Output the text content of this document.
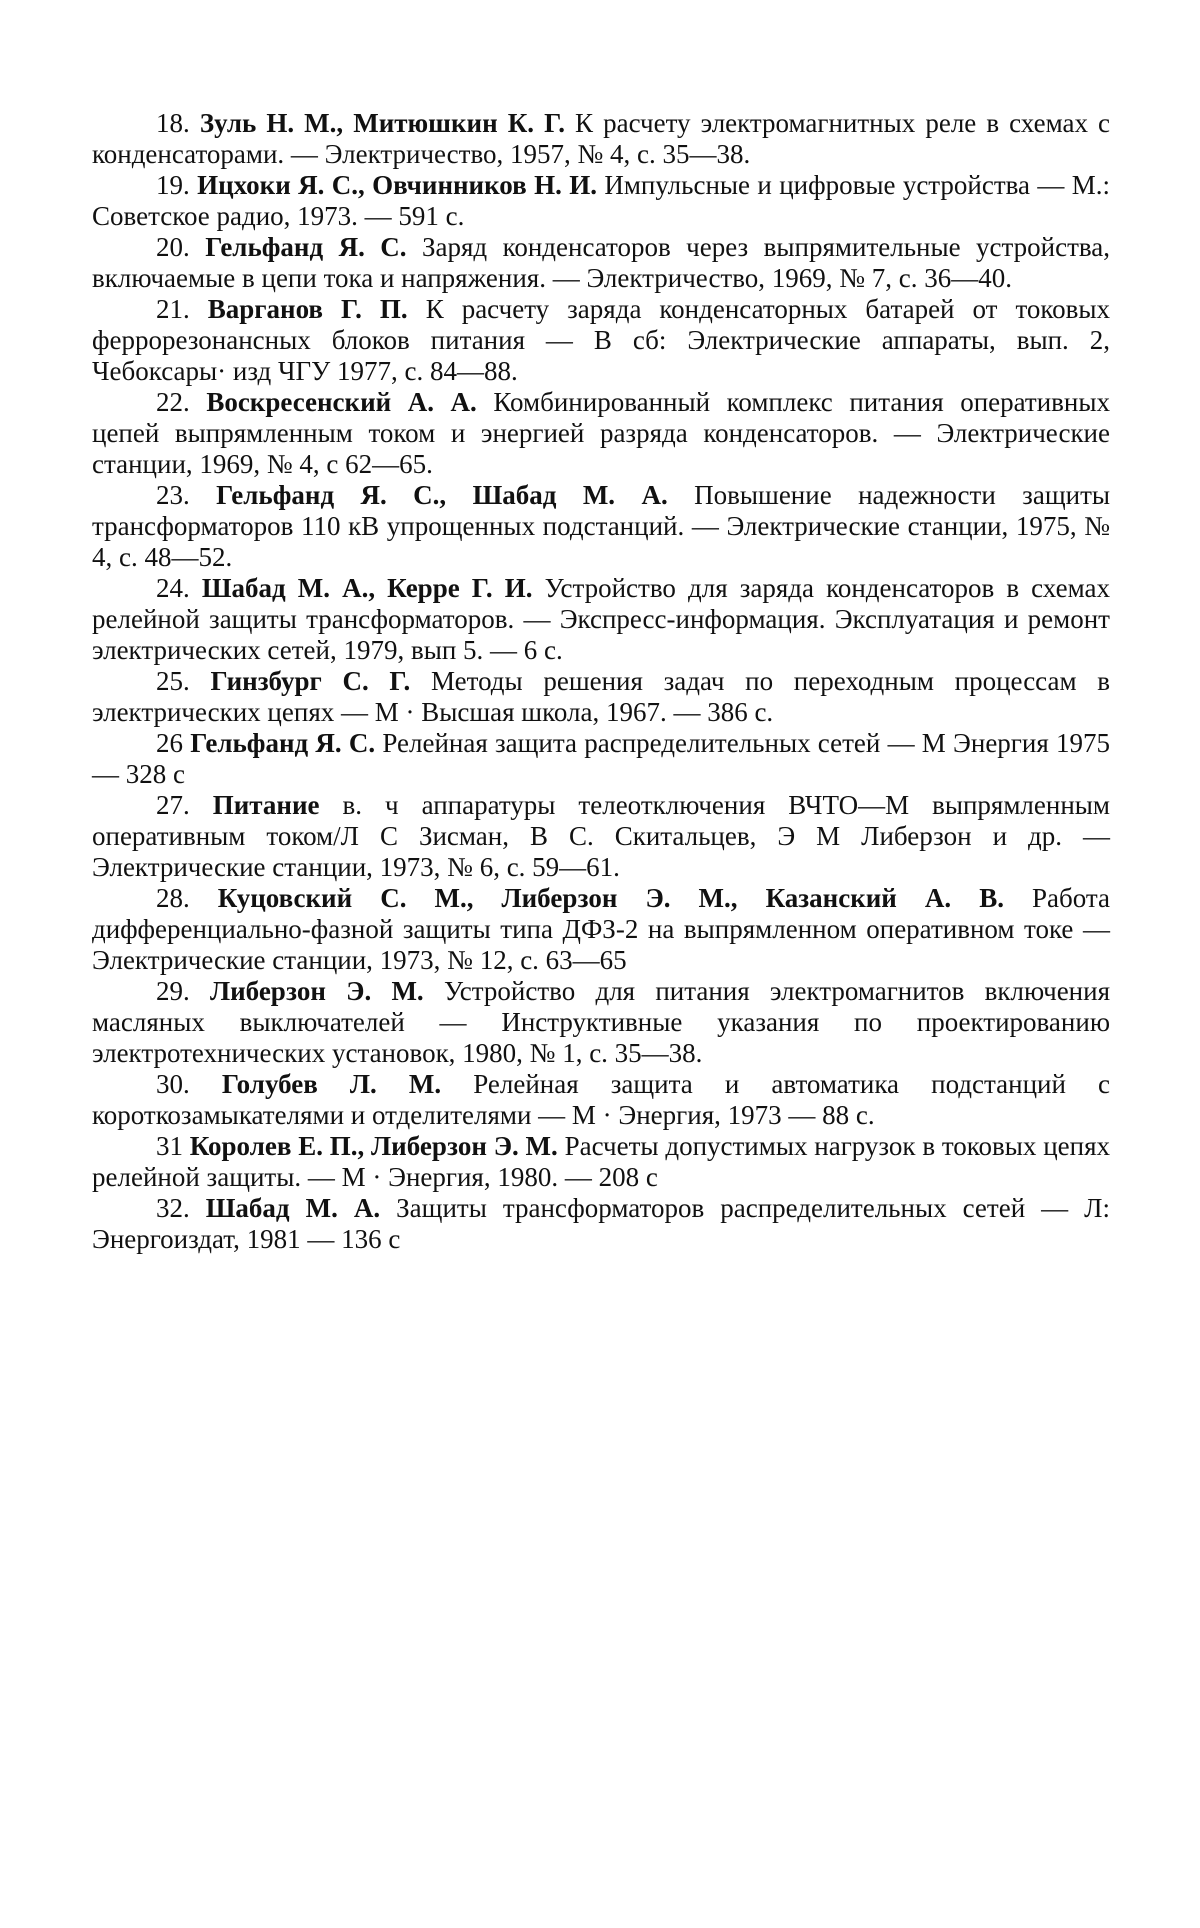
18. Зуль Н. М., Митюшкин К. Г. К расчету электромагнитных реле в схемах с конденсаторами. — Электричество, 1957, № 4, с. 35—38.

19. Ицхоки Я. С., Овчинников Н. И. Импульсные и цифровые устройства — М.: Советское радио, 1973. — 591 с.

20. Гельфанд Я. С. Заряд конденсаторов через выпрямительные устройства, включаемые в цепи тока и напряжения. — Электричество, 1969, № 7, с. 36—40.

21. Варганов Г. П. К расчету заряда конденсаторных батарей от токовых феррорезонансных блоков питания — В сб: Электрические аппараты, вып. 2, Чебоксары· изд ЧГУ 1977, с. 84—88.

22. Воскресенский А. А. Комбинированный комплекс питания оперативных цепей выпрямленным током и энергией разряда конденсаторов. — Электрические станции, 1969, № 4, с 62—65.

23. Гельфанд Я. С., Шабад М. А. Повышение надежности защиты трансформаторов 110 кВ упрощенных подстанций. — Электрические станции, 1975, № 4, с. 48—52.

24. Шабад М. А., Керре Г. И. Устройство для заряда конденсаторов в схемах релейной защиты трансформаторов. — Экспресс-информация. Эксплуатация и ремонт электрических сетей, 1979, вып 5. — 6 с.

25. Гинзбург С. Г. Методы решения задач по переходным процессам в электрических цепях — М · Высшая школа, 1967. — 386 с.

26 Гельфанд Я. С. Релейная защита распределительных сетей — М Энергия 1975 — 328 с

27. Питание в. ч аппаратуры телеотключения ВЧТО—М выпрямленным оперативным током/Л С Зисман, В С. Скитальцев, Э М Либерзон и др. — Электрические станции, 1973, № 6, с. 59—61.

28. Куцовский С. М., Либерзон Э. М., Казанский А. В. Работа дифференциально-фазной защиты типа ДФЗ-2 на выпрямленном оперативном токе — Электрические станции, 1973, № 12, с. 63—65

29. Либерзон Э. М. Устройство для питания электромагнитов включения масляных выключателей — Инструктивные указания по проектированию электротехнических установок, 1980, № 1, с. 35—38.

30. Голубев Л. М. Релейная защита и автоматика подстанций с короткозамыкателями и отделителями — М · Энергия, 1973 — 88 с.

31 Королев Е. П., Либерзон Э. М. Расчеты допустимых нагрузок в токовых цепях релейной защиты. — М · Энергия, 1980. — 208 с

32. Шабад М. А. Защиты трансформаторов распределительных сетей — Л: Энергоиздат, 1981 — 136 с
